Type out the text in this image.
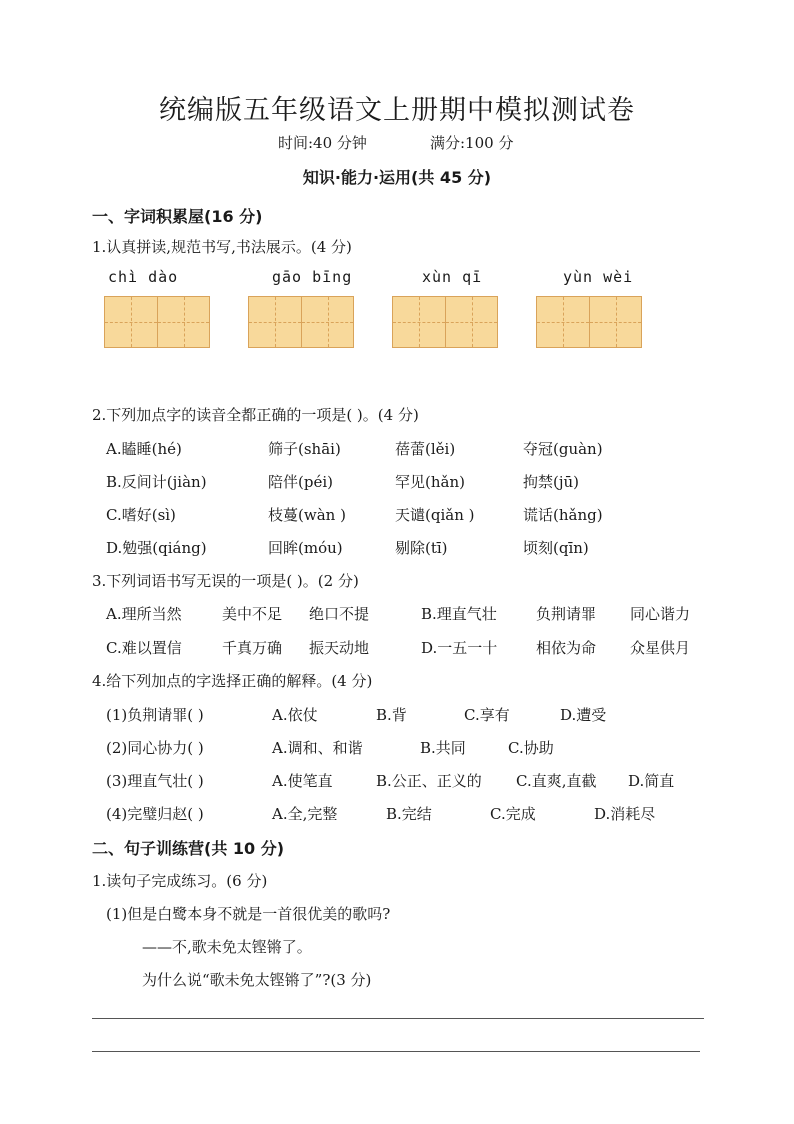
统编版五年级语文上册期中模拟测试卷
时间:40 分钟	满分:100 分
知识·能力·运用(共 45 分)
一、字词积累屋(16 分)
1.认真拼读,规范书写,书法展示。(4 分)
chì dào	gāo bīng	xùn qī	yùn wèi
2.下列加点字的读音全都正确的一项是( )。(4 分)
A.瞌睡(hé)	筛子(shāi)	蓓蕾(lěi)	夺冠(guàn)
B.反间计(jiàn)	陪伴(péi)	罕见(hǎn)	拘禁(jū)
C.嗜好(sì)	枝蔓(wàn )	天谴(qiǎn )	谎话(hǎng)
D.勉强(qiáng)	回眸(móu)	剔除(tī)	顷刻(qīn)
3.下列词语书写无误的一项是( )。(2 分)
A.理所当然	美中不足 绝口不提	B.理直气壮	负荆请罪 同心谐力
C.难以置信	千真万确 振天动地	D.一五一十	相依为命 众星供月
4.给下列加点的字选择正确的解释。(4 分)
(1)负荆请罪( )	A.依仗	B.背	C.享有	D.遭受
(2)同心协力( )	A.调和、和谐	B.共同	C.协助
(3)理直气壮( )	A.使笔直	B.公正、正义的 C.直爽,直截 D.简直
(4)完璧归赵( )	A.全,完整	B.完结	C.完成	D.消耗尽
二、句子训练营(共 10 分)
1.读句子完成练习。(6 分)
(1)但是白鹭本身不就是一首很优美的歌吗?
——不,歌未免太铿锵了。
为什么说“歌未免太铿锵了”?(3 分)
